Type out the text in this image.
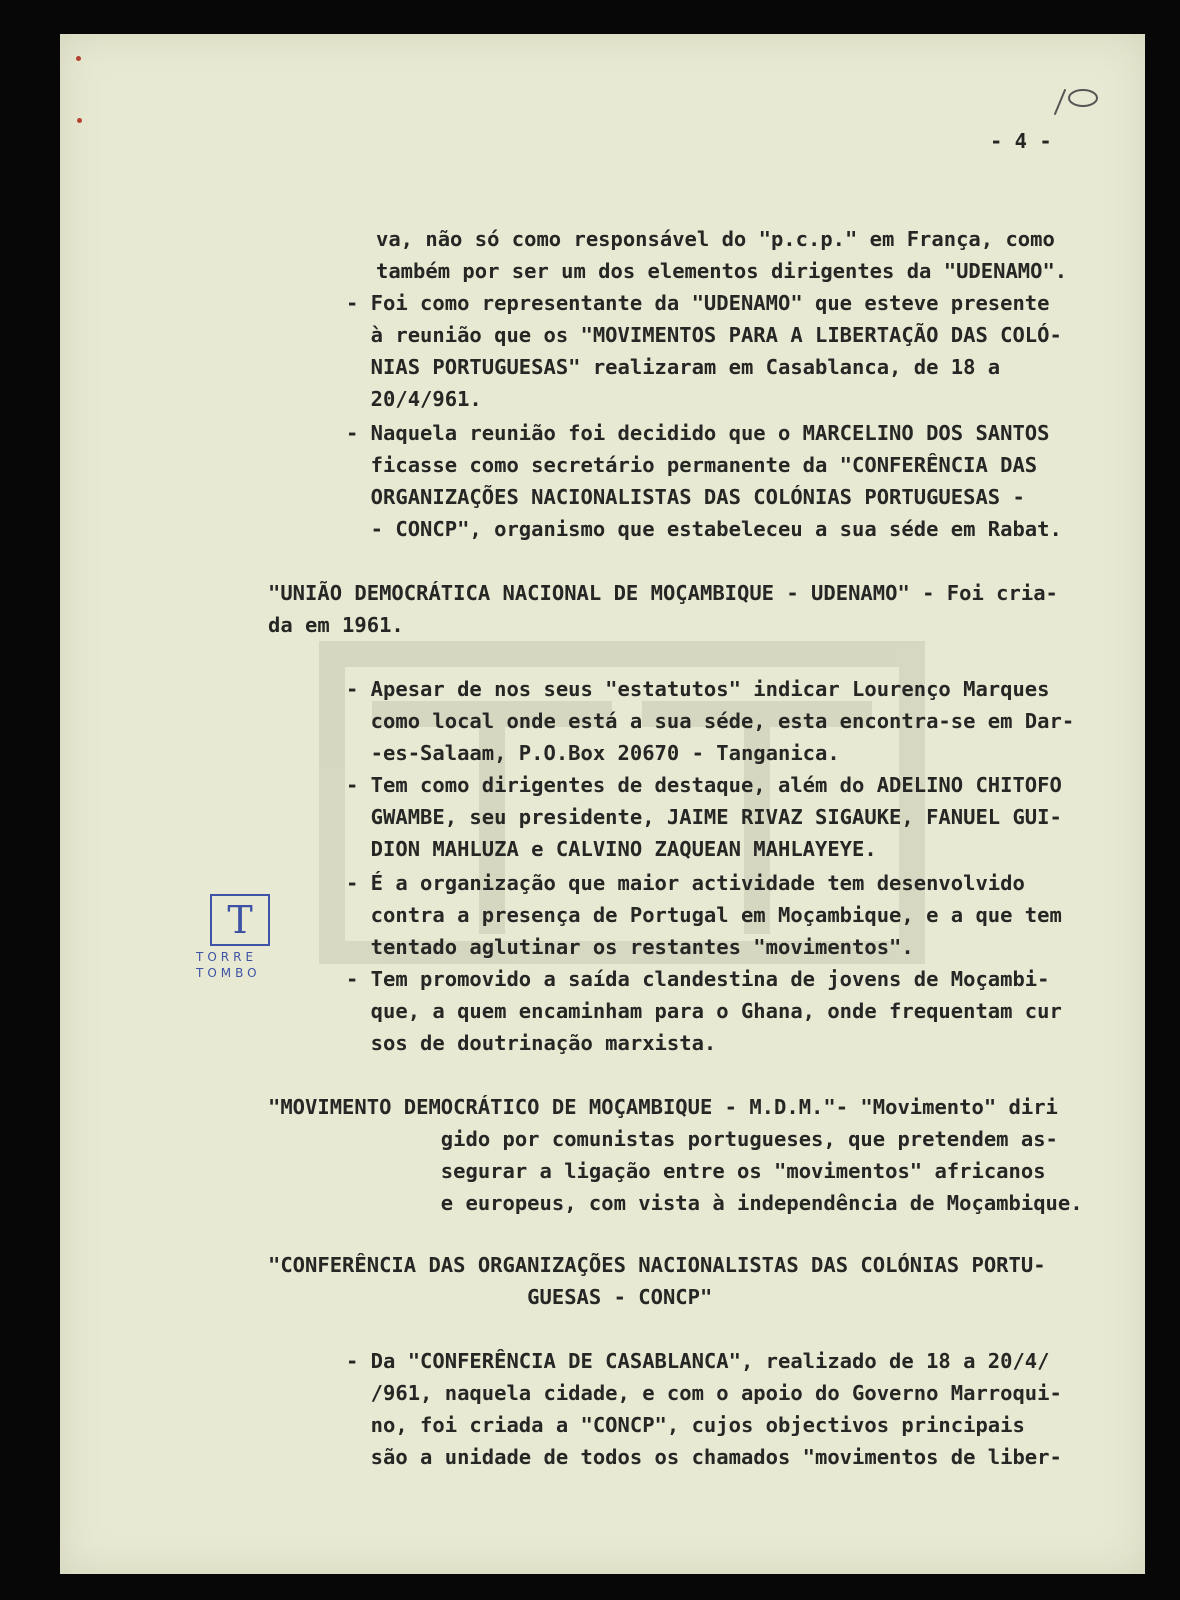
- 4 -

va, não só como responsável do "p.c.p." em França, como

também por ser um dos elementos dirigentes da "UDENAMO".

- Foi como representante da "UDENAMO" que esteve presente

à reunião que os "MOVIMENTOS PARA A LIBERTAÇÃO DAS COLÓ-

NIAS PORTUGUESAS" realizaram em Casablanca, de 18 a

20/4/961.

- Naquela reunião foi decidido que o MARCELINO DOS SANTOS

ficasse como secretário permanente da "CONFERÊNCIA DAS

ORGANIZAÇÕES NACIONALISTAS DAS COLÓNIAS PORTUGUESAS -

- CONCP", organismo que estabeleceu a sua séde em Rabat.

"UNIÃO DEMOCRÁTICA NACIONAL DE MOÇAMBIQUE - UDENAMO" - Foi cria-

da em 1961.

- Apesar de nos seus "estatutos" indicar Lourenço Marques

como local onde está a sua séde, esta encontra-se em Dar-

-es-Salaam, P.O.Box 20670 - Tanganica.

- Tem como dirigentes de destaque, além do ADELINO CHITOFO

GWAMBE, seu presidente, JAIME RIVAZ SIGAUKE, FANUEL GUI-

DION MAHLUZA e CALVINO ZAQUEAN MAHLAYEYE.

- É a organização que maior actividade tem desenvolvido

contra a presença de Portugal em Moçambique, e a que tem

tentado aglutinar os restantes "movimentos".

- Tem promovido a saída clandestina de jovens de Moçambi-

que, a quem encaminham para o Ghana, onde frequentam cur

sos de doutrinação marxista.

"MOVIMENTO DEMOCRÁTICO DE MOÇAMBIQUE - M.D.M."- "Movimento" diri

gido por comunistas portugueses, que pretendem as-

segurar a ligação entre os "movimentos" africanos

e europeus, com vista à independência de Moçambique.

"CONFERÊNCIA DAS ORGANIZAÇÕES NACIONALISTAS DAS COLÓNIAS PORTU-

GUESAS - CONCP"

- Da "CONFERÊNCIA DE CASABLANCA", realizado de 18 a 20/4/

/961, naquela cidade, e com o apoio do Governo Marroqui-

no, foi criada a "CONCP", cujos objectivos principais

são a unidade de todos os chamados "movimentos de liber-

T
TORRE
TOMBO
